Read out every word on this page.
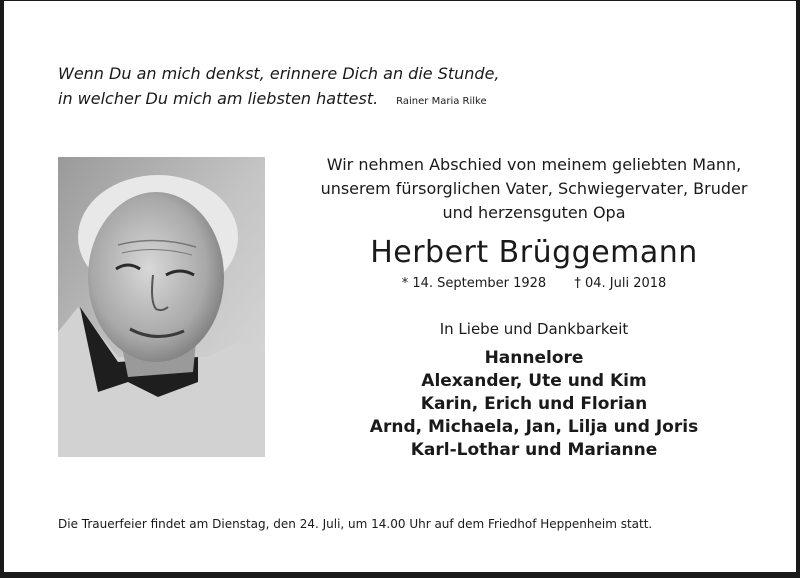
Wenn Du an mich denkst, erinnere Dich an die Stunde,
in welcher Du mich am liebsten hattest. Rainer Maria Rilke
Wir nehmen Abschied von meinem geliebten Mann,
unserem fürsorglichen Vater, Schwiegervater, Bruder
und herzensguten Opa
Herbert Brüggemann
* 14. September 1928 † 04. Juli 2018
In Liebe und Dankbarkeit
Hannelore
Alexander, Ute und Kim
Karin, Erich und Florian
Arnd, Michaela, Jan, Lilja und Joris
Karl-Lothar und Marianne
Die Trauerfeier findet am Dienstag, den 24. Juli, um 14.00 Uhr auf dem Friedhof Heppenheim statt.
